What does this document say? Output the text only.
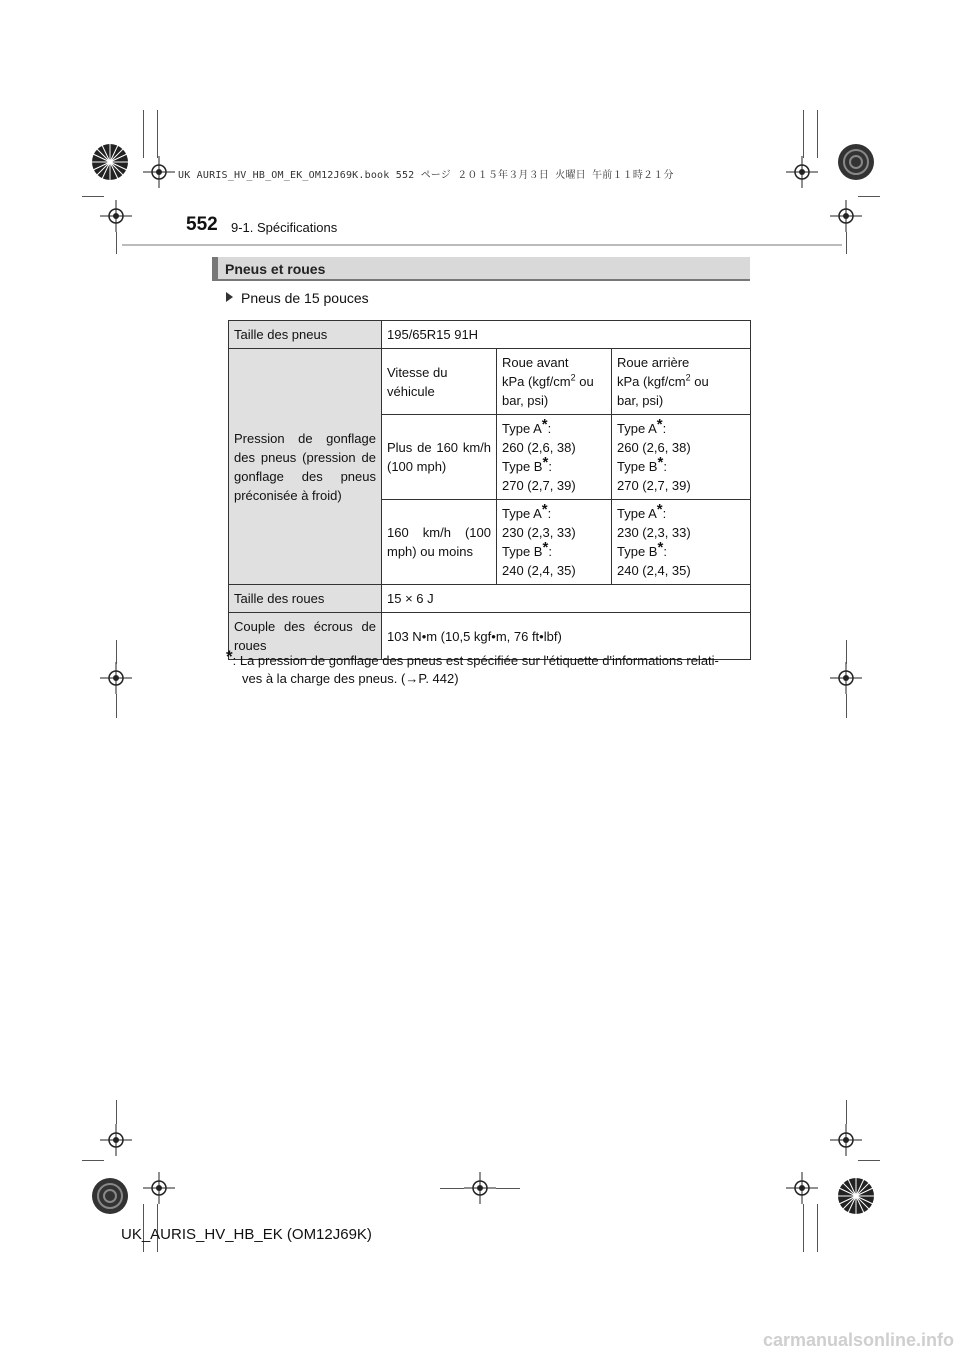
UK AURIS_HV_HB_OM_EK_OM12J69K.book 552 ページ ２０１５年３月３日 火曜日 午前１１時２１分
552 9-1. Spécifications
Pneus et roues
Pneus de 15 pouces
Taille des pneus	195/65R15 91H		
Pression de gonflage des pneus (pression de gonflage des pneus préconisée à froid)	Vitesse du véhicule	Roue avant
kPa ($kgf/cm^2$ ou
bar, psi)	Roue arrière
kPa ($kgf/cm^2$ ou
bar, psi)
	Plus de 160 km/h (100 mph)	Type A*:
260 (2,6, 38)
Type B*:
270 (2,7, 39)	Type A*:
260 (2,6, 38)
Type B*:
270 (2,7, 39)
	160 km/h (100 mph) ou moins	Type A*:
230 (2,3, 33)
Type B*:
240 (2,4, 35)	Type A*:
230 (2,3, 33)
Type B*:
240 (2,4, 35)
Taille des roues	15 × 6 J		
Couple des écrous de roues	103 N•m (10,5 kgf•m, 76 ft•lbf)		
*: La pression de gonflage des pneus est spécifiée sur l'étiquette d'informations relati-
ves à la charge des pneus. (→P. 442)
UK_AURIS_HV_HB_EK (OM12J69K)
carmanualsonline.info
